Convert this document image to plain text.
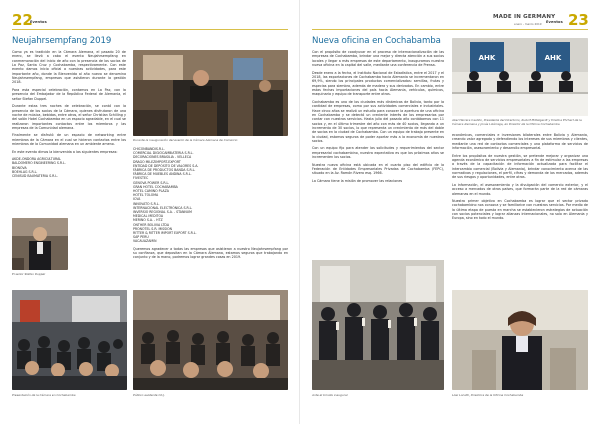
22
Eventos
Neujahrsempfang 2019

Como ya es tradición en la Cámara Alemana, el pasado 20 de enero, se llevó a cabo el evento Neujahrsempfang en conmemoración del inicio de año con la presencia de los socios de La Paz, Santa Cruz y Cochabamba, respectivamente. Con este evento damos inicio oficial a nuestras actividades, para este importante año, donde la Bienvenida al año nuevo se denomina Neujahrsempfang, empresas que asistieron durante la gestión 2018.

Para esta especial celebración, contamos en La Paz, con la presencia del Embajador de la República Federal de Alemania, el señor Stefan Duppel.

Durante estas tres noches de celebración, se contó con la presencia de los socios de la Cámara, quienes disfrutaron de una noche de música, bebidas, entre otros, el señor Christian Schilling y del salón Hotel Cochabamba en un espacio agradable, en el cual se realizaron importantes contactos entre los miembros y las empresas de la Comunidad alemana.

Finalmente se disfrutó de un espacio de networking entre miembros de la Cámara en el cual se hicieron contactos entre los miembros de la Comunidad alemana en un ambiente ameno.

En este evento dimos la bienvenida a las siguientes empresas:

AKDE-ONDORA AGRICULTURAL
BALDOMERO ENGINEERING S.R.L.
BIONOVA
BOEHLAG S.R.L.
CENISUD BAUMATERIA S.R.L.
Durante la inauguración del evento de la Cámara Alemana de Comercio
El señor Stefan Duppel
CHICONBANDIS.R.L.
COMERCIAL DIGIOCAMBIATERIA S.R.L.
DECORACIONES BRASILIA - VELLECA
DRAGO MILEZIMPORT-EXPORT
ENTIDAD DE DEPÓSITO DE VALORES S.A.
FÁBRICA DE PRODUCTOS BANDA S.R.L.
FÁBRICA DE MUEBLES ANDINA S.R.L.
FIVESTEC
GENOVA POWER S.R.L.
GRAN HOTEL COCHABAMBA
HOTEL CAMINO PLAZA
HOTEL TOLOMA
ICVA
INNOVATO S.R.L.
INTERNACIONAL ELECTRÓNICA S.R.L.
INVERSIO REGIONAL S.A. - STANNUM
MEDICAL MEDITOA
MERINO S.A. - HTZ
ONTHER BOLIVIA LTDA
PRONOTEL S.R. MISSION
RITTER & RITTER IMPORT EXPORT S.R.L.
SAP PERÚ
VACAUAZAMIN

Queremos agradecer a todas las empresas que asistieron a nuestro Neujahrsempfang por su confianza, que depositan en la Cámara Alemana, estamos seguros que trabajando en conjunto y de la mano, podremos lograr grandes cosas en 2019.

Presentación de la Cámara en Cochabamba	Público asistente Cb.J.
MADE IN GERMANY
enero - marzo 2019 Eventos 23
Nueva oficina en Cochabamba

Con el propósito de coadyuvar en el proceso de internacionalización de las empresas de Cochabamba, brindar una mejor y directa atención a sus socios locales y llegar a más empresas de este departamento, inauguramos nuestra nueva oficina en la capital del valle, mediante una conferencia de Prensa.

Desde enero a la fecha, el Instituto Nacional de Estadística, entre el 2017 y el 2018, las exportaciones de Cochabamba hacia Alemania se incrementaron en 69,9%, siendo los principales productos comercializados: semillas, frutas y especias para siembra, además de madera y sus derivados. En cambio, entre estas fechas importaciones del país hacia Alemania, vehículos, químicos, maquinaria y equipo de transporte entre otros.

Cochabamba es uno de los ciudades más dinámicas de Bolivia, tanto por la cantidad de empresas, como por sus actividades comerciales e industriales. Hace cinco años se realizó un estudio para conocer la apertura de una oficina en Cochabamba y se detectó un creciente interés de los empresarios por contar con nuestros servicios. Hasta julio del pasado año contábamos con 11 socios y, en el último trimestre del año con más de 40 socios, llegando a un incremento de 30 socios, lo que representa un crecimiento de más del doble de socios en la ciudad de Cochabamba. Con un equipo de trabajo presente en la ciudad, estamos seguros de poder aportar más a la economía de nuestros socios.

Con un equipo fijo para atender las solicitudes y requerimientos del sector empresarial cochabambino, nuestra expectativa es que los próximos años se incrementen los socios.

Nuestra nueva oficina está ubicada en el cuarto piso del edificio de la Federación de Entidades Empresariales Privadas de Cochabamba (FEPC), situado en la Av. Ramón Rivero esq. 1966.

La Cámara tiene la misión de promover las relaciones

AHK	AHK
Abel Herrera Castillo, Presidente del Directorio, Rudolf Mittelgardt y Kristina Ehrhart de la Cámara Alemana y Jonás Lizárraga, ex Director de la Oficina Cochabamba

económicas, comerciales e inversiones bilaterales entre Bolivia y Alemania, creando valor agregado y defendiendo los intereses de sus miembros y clientes, mediante una red de contactos comerciales y una plataforma de servicios de información, asesoramiento y desarrollo empresarial.

Entre los propósitos de nuestra gestión, se pretende mejorar y organizar una agenda económica de servicios empresariales a fin de estimular a las empresas a través de la capacitación de información actualizada para facilitar el intercambio comercial (Bolivia y Alemania), brindar conocimiento acerca de las normativas y regulaciones, el perfil, cifras y demanda de los mercados, además de sus riesgos y oportunidades, entre otros.

La información, el asesoramiento y la divulgación del comercio exterior, y el acceso a mercados de otros países, que formarán parte de la red de cámaras alemanas en el mundo.

Nuestro primer objetivo en Cochabamba es lograr que el sector privado cochabambino nos conozca y se familiarice con nuestros servicios. Por medio de la última etapa de puesta en marcha se establecieron estrategias de actuación con socios potenciales y lograr alianzas internacionales, no solo en Alemania y Europa, sino en todo el mundo.

Ante el brindis inaugural	Lissi Locatti, Directora de la Oficina Cochabamba
